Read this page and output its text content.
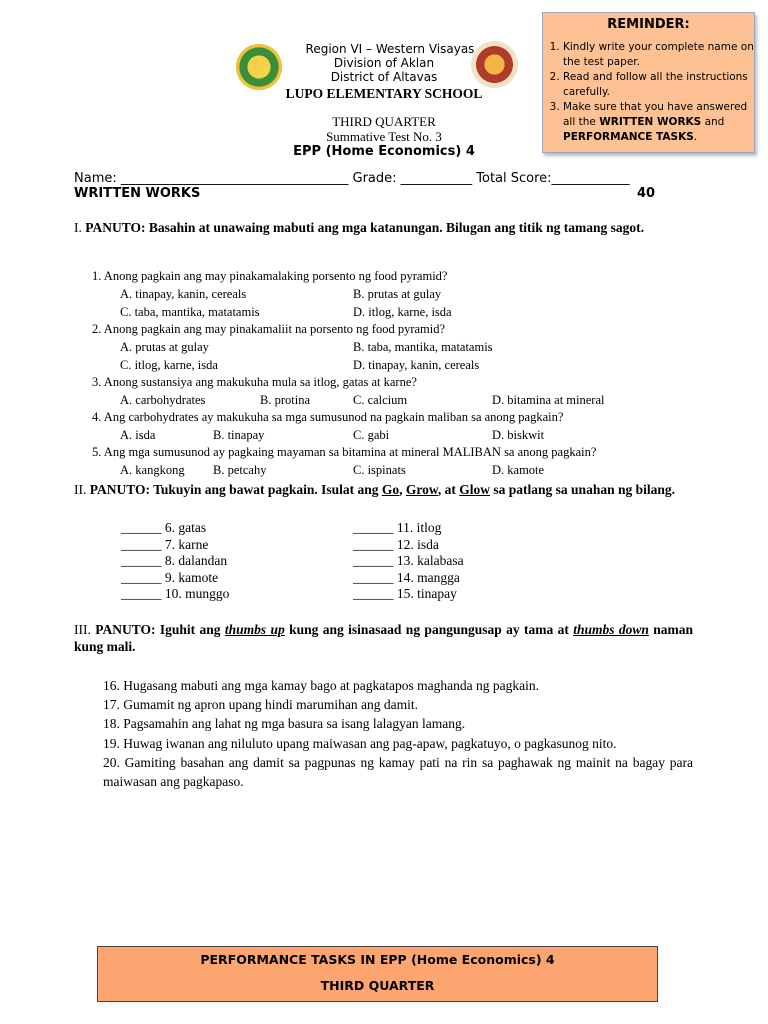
REMINDER:
1. Kindly write your complete name on the test paper.
2. Read and follow all the instructions carefully.
3. Make sure that you have answered all the WRITTEN WORKS and PERFORMANCE TASKS.
Region VI – Western Visayas
Division of Aklan
District of Altavas
LUPO ELEMENTARY SCHOOL
THIRD QUARTER
Summative Test No. 3
EPP (Home Economics) 4
Name: ___________________________________ Grade: ___________ Total Score:____________
WRITTEN WORKS	40
I. PANUTO: Basahin at unawaing mabuti ang mga katanungan. Bilugan ang titik ng tamang sagot.
1. Anong pagkain ang may pinakamalaking porsento ng food pyramid?
A. tinapay, kanin, cereals	B. prutas at gulay
C. taba, mantika, matatamis	D. itlog, karne, isda
2. Anong pagkain ang may pinakamaliit na porsento ng food pyramid?
A. prutas at gulay	B. taba, mantika, matatamis
C. itlog, karne, isda	D. tinapay, kanin, cereals
3. Anong sustansiya ang makukuha mula sa itlog, gatas at karne?
A. carbohydrates	B. protina	C. calcium	D. bitamina at mineral
4. Ang carbohydrates ay makukuha sa mga sumusunod na pagkain maliban sa anong pagkain?
A. isda	B. tinapay	C. gabi	D. biskwit
5. Ang mga sumusunod ay pagkaing mayaman sa bitamina at mineral MALIBAN sa anong pagkain?
A. kangkong B. petcahy	C. ispinats	D. kamote
II. PANUTO: Tukuyin ang bawat pagkain. Isulat ang Go, Grow, at Glow sa patlang sa unahan ng bilang.
______ 6. gatas
______ 7. karne
______ 8. dalandan
______ 9. kamote
______ 10. munggo
______ 11. itlog
______ 12. isda
______ 13. kalabasa
______ 14. mangga
______ 15. tinapay
III. PANUTO: Iguhit ang thumbs up kung ang isinasaad ng pangungusap ay tama at thumbs down naman kung mali.
16. Hugasang mabuti ang mga kamay bago at pagkatapos maghanda ng pagkain.
17. Gumamit ng apron upang hindi marumihan ang damit.
18. Pagsamahin ang lahat ng mga basura sa isang lalagyan lamang.
19. Huwag iwanan ang niluluto upang maiwasan ang pag-apaw, pagkatuyo, o pagkasunog nito.
20. Gamiting basahan ang damit sa pagpunas ng kamay pati na rin sa paghawak ng mainit na bagay para maiwasan ang pagkapaso.
PERFORMANCE TASKS IN EPP (Home Economics) 4
THIRD QUARTER
